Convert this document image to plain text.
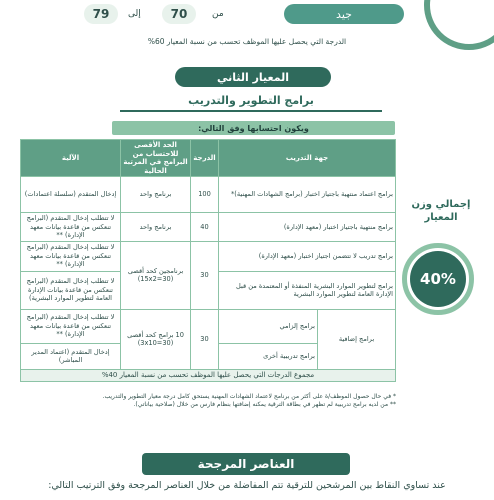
جيد
من
70
إلى
79
الدرجة التي يحصل عليها الموظف تحسب من نسبة المعيار 60%
المعيار الثاني
برامج التطوير والتدريب
ويكون احتسابها وفق التالي:
إجمالي وزن المعيار
40%
جهة التدريب		الدرجة	الحد الأقصى للاحتساب من البرامج في المرتبة الحالية	الآلية
برامج اعتماد منتهية باجتياز اختبار (برامج الشهادات المهنية)*		100	برنامج واحد	إدخال المتقدم (سلسلة اعتمادات)
برامج منتهية باجتياز اختبار (معهد الإدارة)		40	برنامج واحد	لا تتطلب إدخال المتقدم (البرامج تنعكس من قاعدة بيانات معهد الإدارة) **
برامج تدريب لا تتضمن اجتياز اختبار (معهد الإدارة)		30	برنامجين كحد أقصى (30=15x2)	لا تتطلب إدخال المتقدم (البرامج تنعكس من قاعدة بيانات معهد الإدارة) **
برامج لتطوير الموارد البشرية المنفذة أو المعتمدة من قبل الإدارة العامة لتطوير الموارد البشرية				لا تتطلب إدخال المتقدم (البرامج تنعكس من قاعدة بيانات الإدارة العامة لتطوير الموارد البشرية)
برامج إضافية	برامج إلزامي	30	10 برامج كحد أقصى (30=3x10)	لا تتطلب إدخال المتقدم (البرامج تنعكس من قاعدة بيانات معهد الإدارة) **
	برامج تدريبية أخرى			إدخال المتقدم (اعتماد المدير المباشر)
مجموع الدرجات التي يحصل عليها الموظف تحسب من نسبة المعيار 40%				
* في حال حصول الموظف/ة على أكثر من برنامج لاعتماد الشهادات المهنية يستحق كامل درجة معيار التطوير والتدريب.
** من لديه برامج تدريبية لم تظهر في بطاقة الترقية يمكنه إضافتها بنظام فارس من خلال (صلاحية بياناتي).
العناصر المرجحة
عند تساوي النقاط بين المرشحين للترقية تتم المفاضلة من خلال العناصر المرجحة وفق الترتيب التالي:
